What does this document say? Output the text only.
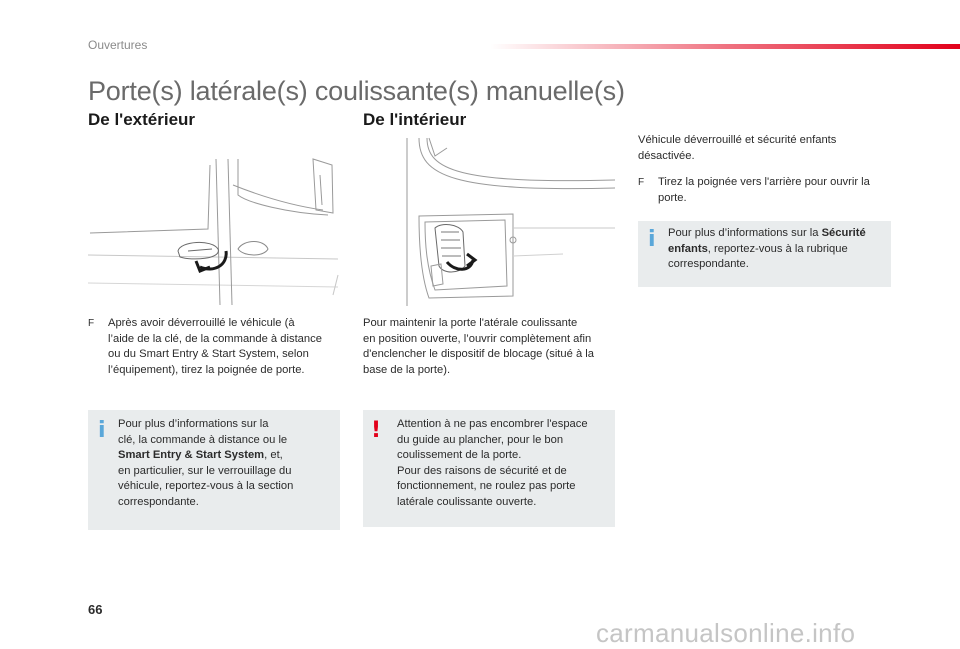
Ouvertures
Porte(s) latérale(s) coulissante(s) manuelle(s)
De l'extérieur	De l'intérieur
F Après avoir déverrouillé le véhicule (à
l’aide de la clé, de la commande à distance
ou du Smart Entry & Start System, selon
l’équipement), tirez la poignée de porte.
Pour maintenir la porte l'atérale coulissante
en position ouverte, l’ouvrir complètement afin
d'enclencher le dispositif de blocage (situé à la
base de la porte).
i Pour plus d’informations sur la
clé, la commande à distance ou le
Smart Entry & Start System, et,
en particulier, sur le verrouillage du
véhicule, reportez-vous à la section
correspondante.
! Attention à ne pas encombrer l'espace
du guide au plancher, pour le bon
coulissement de la porte.
Pour des raisons de sécurité et de
fonctionnement, ne roulez pas porte
latérale coulissante ouverte.
Véhicule déverrouillé et sécurité enfants
désactivée.
F Tirez la poignée vers l'arrière pour ouvrir la
porte.
i Pour plus d’informations sur la Sécurité
enfants, reportez-vous à la rubrique
correspondante.
66
carmanualsonline.info
